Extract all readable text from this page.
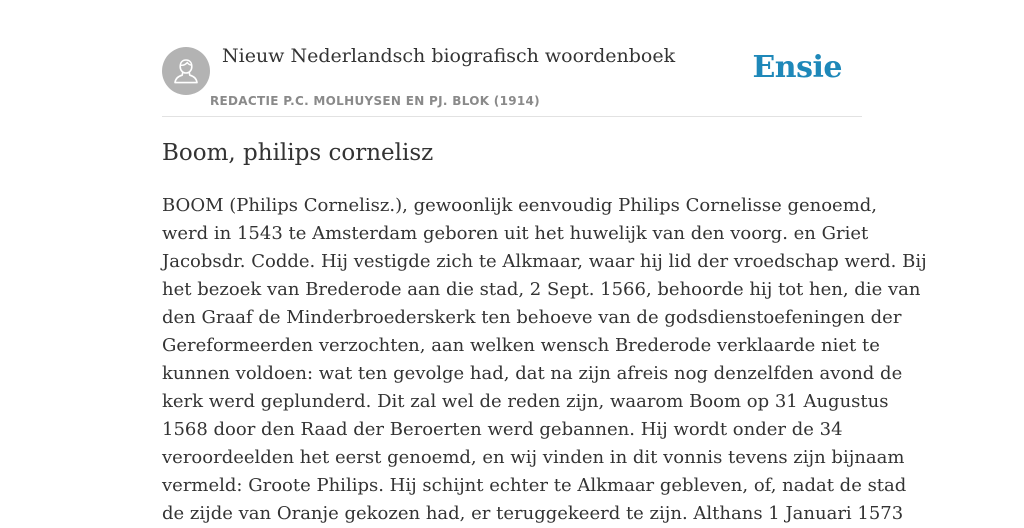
Nieuw Nederlandsch biografisch woordenboek
REDACTIE P.C. MOLHUYSEN EN PJ. BLOK (1914)
Ensie
Boom, philips cornelisz

BOOM (Philips Cornelisz.), gewoonlijk eenvoudig Philips Cornelisse genoemd,
werd in 1543 te Amsterdam geboren uit het huwelijk van den voorg. en Griet
Jacobsdr. Codde. Hij vestigde zich te Alkmaar, waar hij lid der vroedschap werd. Bij
het bezoek van Brederode aan die stad, 2 Sept. 1566, behoorde hij tot hen, die van
den Graaf de Minderbroederskerk ten behoeve van de godsdienstoefeningen der
Gereformeerden verzochten, aan welken wensch Brederode verklaarde niet te
kunnen voldoen: wat ten gevolge had, dat na zijn afreis nog denzelfden avond de
kerk werd geplunderd. Dit zal wel de reden zijn, waarom Boom op 31 Augustus
1568 door den Raad der Beroerten werd gebannen. Hij wordt onder de 34
veroordeelden het eerst genoemd, en wij vinden in dit vonnis tevens zijn bijnaam
vermeld: Groote Philips. Hij schijnt echter te Alkmaar gebleven, of, nadat de stad
de zijde van Oranje gekozen had, er teruggekeerd te zijn. Althans 1 Januari 1573
